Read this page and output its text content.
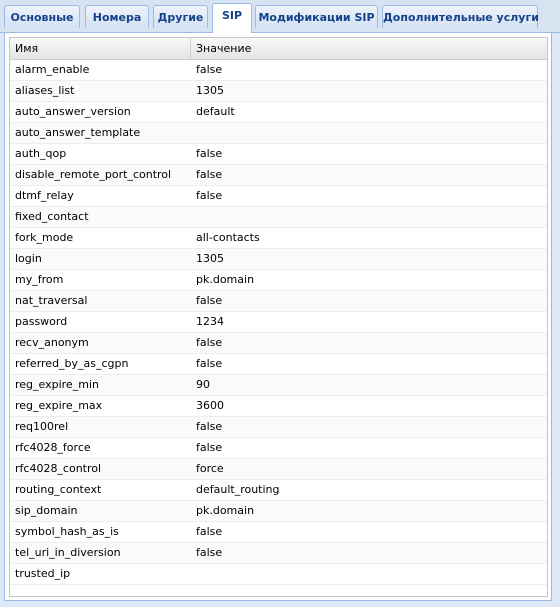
Основные	Номера	Другие	SIP	Модификации SIP Дополнительные услуги
Имя	Значение
alarm_enable	false
aliases_list	1305
auto_answer_version	default
auto_answer_template
auth_qop	false
disable_remote_port_control	false
dtmf_relay	false
fixed_contact
fork_mode	all-contacts
login	1305
my_from	pk.domain
nat_traversal	false
password	1234
recv_anonym	false
referred_by_as_cgpn	false
reg_expire_min	90
reg_expire_max	3600
req100rel	false
rfc4028_force	false
rfc4028_control	force
routing_context	default_routing
sip_domain	pk.domain
symbol_hash_as_is	false
tel_uri_in_diversion	false
trusted_ip
